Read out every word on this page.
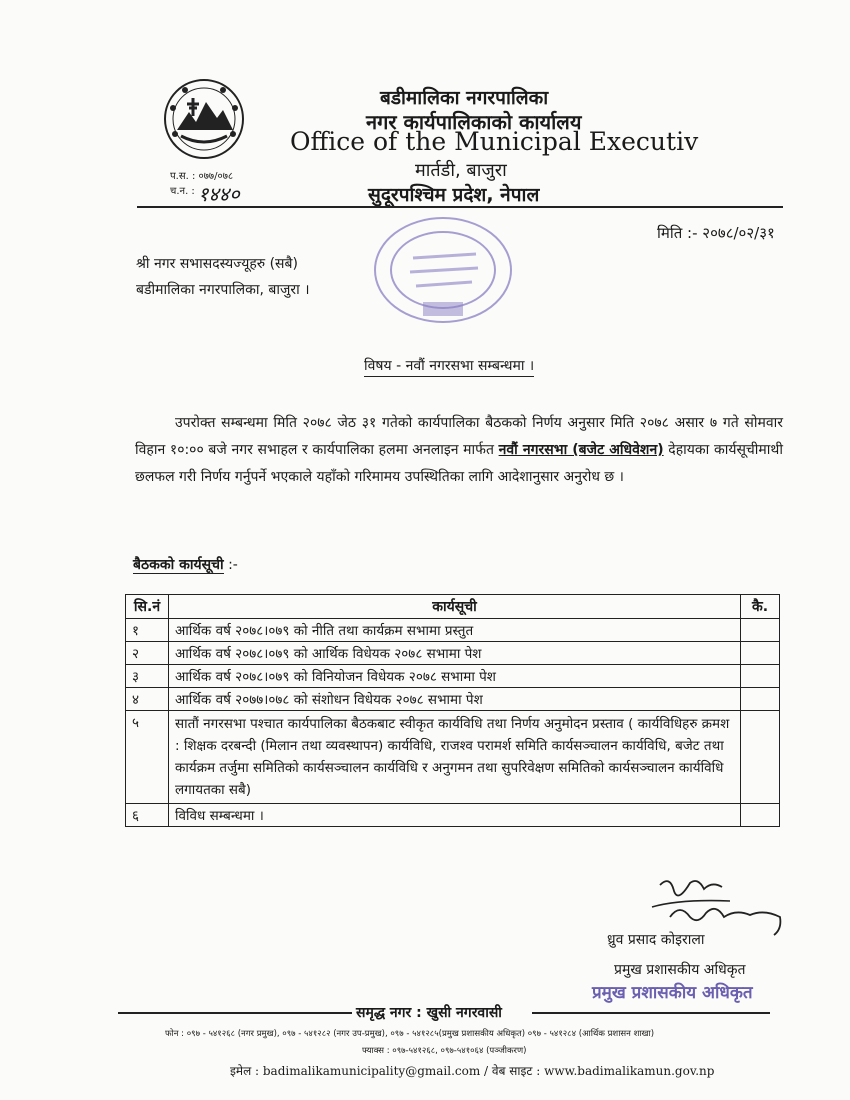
बडीमालिका नगरपालिका
नगर कार्यपालिकाको कार्यालय
Office of the Municipal Executiv
मार्तडी, बाजुरा
सुदूरपश्चिम प्रदेश, नेपाल
प.स. : ०७७/०७८
च.न. : १४४०
मिति :- २०७८/०२/३१
श्री नगर सभासदस्यज्यूहरु (सबै)
बडीमालिका नगरपालिका, बाजुरा ।
विषय - नवौं नगरसभा सम्बन्धमा ।
उपरोक्त सम्बन्धमा मिति २०७८ जेठ ३१ गतेको कार्यपालिका बैठकको निर्णय अनुसार मिति २०७८ असार ७ गते सोमवार विहान १०:०० बजे नगर सभाहल र कार्यपालिका हलमा अनलाइन मार्फत नवौं नगरसभा (बजेट अधिवेशन) देहायका कार्यसूचीमाथी छलफल गरी निर्णय गर्नुपर्ने भएकाले यहाँको गरिमामय उपस्थितिका लागि आदेशानुसार अनुरोध छ ।
बैठकको कार्यसूची :-
सि.नं	कार्यसूची	कै.
१	आर्थिक वर्ष २०७८।०७९ को नीति तथा कार्यक्रम सभामा प्रस्तुत	
२	आर्थिक वर्ष २०७८।०७९ को आर्थिक विधेयक २०७८ सभामा पेश	
३	आर्थिक वर्ष २०७८।०७९ को विनियोजन विधेयक २०७८ सभामा पेश	
४	आर्थिक वर्ष २०७७।०७८ को संशोधन विधेयक २०७८ सभामा पेश	
५	सातौं नगरसभा पश्चात कार्यपालिका बैठकबाट स्वीकृत कार्यविधि तथा निर्णय अनुमोदन प्रस्ताव ( कार्यविधिहरु क्रमश : शिक्षक दरबन्दी (मिलान तथा व्यवस्थापन) कार्यविधि, राजश्व परामर्श समिति कार्यसञ्चालन कार्यविधि, बजेट तथा कार्यक्रम तर्जुमा समितिको कार्यसञ्चालन कार्यविधि र अनुगमन तथा सुपरिवेक्षण समितिको कार्यसञ्चालन कार्यविधि लगायतका सबै)	
६	विविध सम्बन्धमा ।	
ध्रुव प्रसाद कोइराला
प्रमुख प्रशासकीय अधिकृत
प्रमुख प्रशासकीय अधिकृत
समृद्ध नगर : खुसी नगरवासी
फोन : ०९७ - ५४१२६८ (नगर प्रमुख), ०९७ - ५४१२८२ (नगर उप-प्रमुख), ०९७ - ५४१२८५(प्रमुख प्रशासकीय अधिकृत) ०९७ - ५४१२८४ (आर्थिक प्रशासन शाखा)
फ्याक्स : ०९७-५४१२६८, ०९७-५४१०६४ (पञ्जीकरण)
इमेल : badimalikamunicipality@gmail.com / वेब साइट : www.badimalikamun.gov.np
